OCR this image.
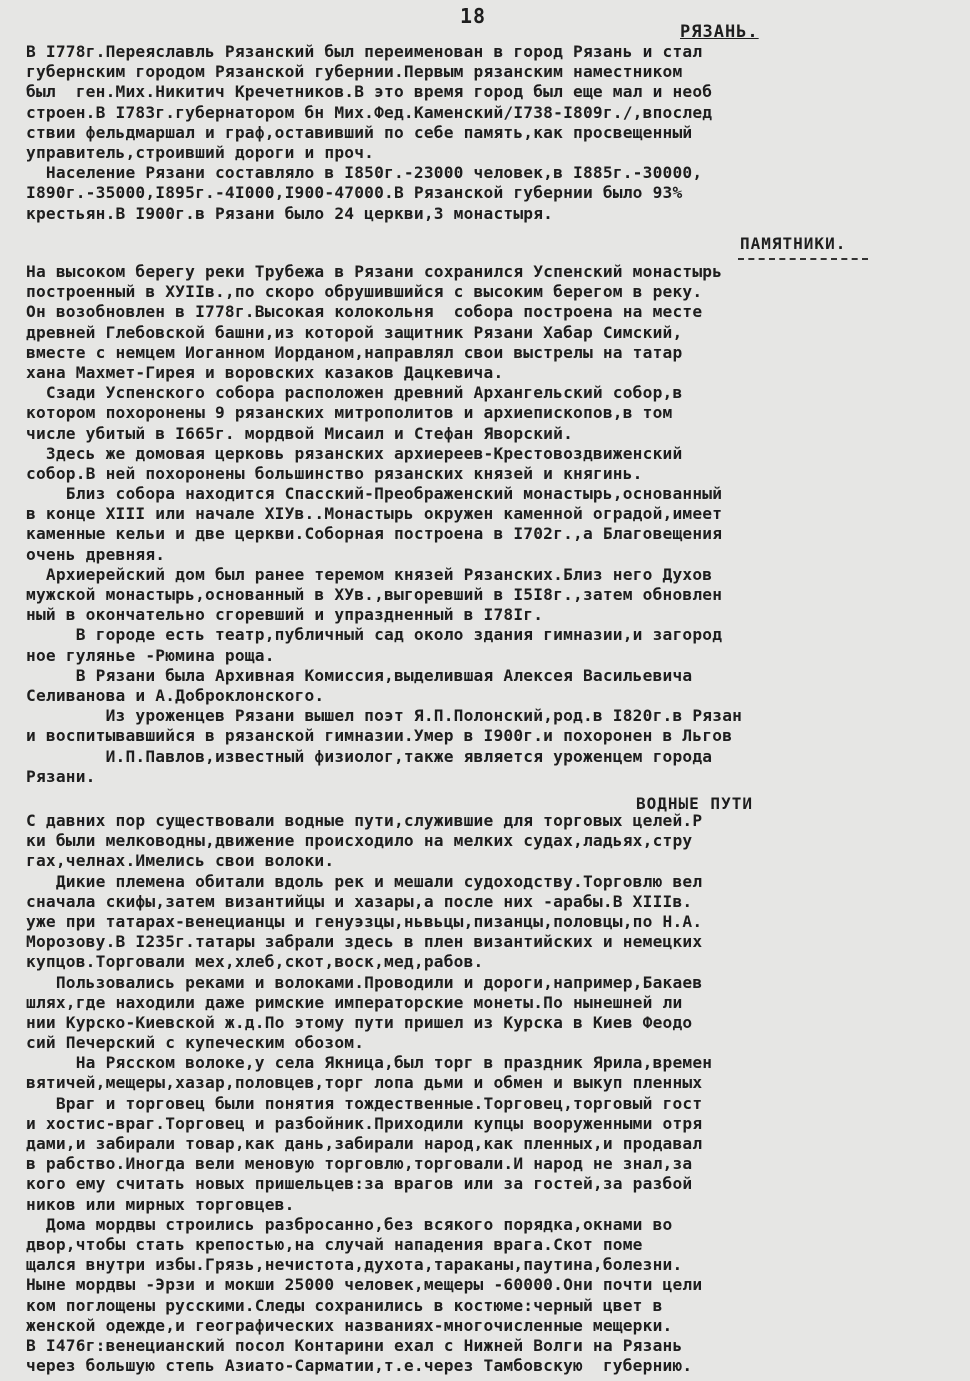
18
РЯЗАНЬ.
В I778г.Переяславль Рязанский был переименован в город Рязань и стал
губернским городом Рязанской губернии.Первым рязанским наместником
был  ген.Мих.Никитич Кречетников.В это время город был еще мал и необ
строен.В I783г.губернатором бн Мих.Фед.Каменский/I738-I809г./,впослед
ствии фельдмаршал и граф,оставивший по себе память,как просвещенный
управитель,строивший дороги и проч.
Население Рязани составляло в I850г.-23000 человек,в I885г.-30000,
I890г.-35000,I895г.-4I000,I900-47000.В Рязанской губернии было 93%
крестьян.В I900г.в Рязани было 24 церкви,3 монастыря.
ПАМЯТНИКИ.
На высоком берегу реки Трубежа в Рязани сохранился Успенский монастырь
построенный в ХУIIв.,по скоро обрушившийся с высоким берегом в реку.
Он возобновлен в I778г.Высокая колокольня  собора построена на месте
древней Глебовской башни,из которой защитник Рязани Хабар Симский,
вместе с немцем Иоганном Иорданом,направлял свои выстрелы на татар
хана Махмет-Гирея и воровских казаков Дацкевича.
Сзади Успенского собора расположен древний Архангельский собор,в
котором похоронены 9 рязанских митрополитов и архиепископов,в том
числе убитый в I665г. мордвой Мисаил и Стефан Яворский.
Здесь же домовая церковь рязанских архиереев-Крестовоздвиженский
собор.В ней похоронены большинство рязанских князей и княгинь.
Близ собора находится Спасский-Преображенский монастырь,основанный
в конце XIII или начале XIУв..Монастырь окружен каменной оградой,имеет
каменные кельи и две церкви.Соборная построена в I702г.,а Благовещения
очень древняя.
Архиерейский дом был ранее теремом князей Рязанских.Близ него Духов
мужской монастырь,основанный в ХУв.,выгоревший в I5I8г.,затем обновлен
ный в окончательно сгоревший и упраздненный в I78Iг.
В городе есть театр,публичный сад около здания гимназии,и загород
ное гулянье -Рюмина роща.
В Рязани была Архивная Комиссия,выделившая Алексея Васильевича
Селиванова и А.Доброклонского.
Из уроженцев Рязани вышел поэт Я.П.Полонский,род.в I820г.в Рязан
и воспитывавшийся в рязанской гимназии.Умер в I900г.и похоронен в Льгов
И.П.Павлов,известный физиолог,также является уроженцем города
Рязани.
ВОДНЫЕ ПУТИ
С давних пор существовали водные пути,служившие для торговых целей.Р
ки были мелководны,движение происходило на мелких судах,ладьях,стру
гах,челнах.Имелись свои волоки.
Дикие племена обитали вдоль рек и мешали судоходству.Торговлю вел
сначала скифы,затем византийцы и хазары,а после них -арабы.В XIIIв.
уже при татарах-венецианцы и генуэзцы,ньвьцы,пизанцы,половцы,по Н.А.
Морозову.В I235г.татары забрали здесь в плен византийских и немецких
купцов.Торговали мех,хлеб,скот,воск,мед,рабов.
Пользовались реками и волоками.Проводили и дороги,например,Бакаев
шлях,где находили даже римские императорские монеты.По нынешней ли
нии Курско-Киевской ж.д.По этому пути пришел из Курска в Киев Феодо
сий Печерский с купеческим обозом.
На Рясском волоке,у села Якница,был торг в праздник Ярила,времен
вятичей,мещеры,хазар,половцев,торг лопа дьми и обмен и выкуп пленных
Враг и торговец были понятия тождественные.Торговец,торговый гост
и хостис-враг.Торговец и разбойник.Приходили купцы вооруженными отря
дами,и забирали товар,как дань,забирали народ,как пленных,и продавал
в рабство.Иногда вели меновую торговлю,торговали.И народ не знал,за
кого ему считать новых пришельцев:за врагов или за гостей,за разбой
ников или мирных торговцев.
Дома мордвы строились разбросанно,без всякого порядка,окнами во
двор,чтобы стать крепостью,на случай нападения врага.Скот поме
щался внутри избы.Грязь,нечистота,духота,тараканы,паутина,болезни.
Ныне мордвы -Эрзи и мокши 25000 человек,мещеры -60000.Они почти цели
ком поглощены русскими.Следы сохранились в костюме:черный цвет в
женской одежде,и географических названиях-многочисленные мещерки.
В I476г:венецианский посол Контарини ехал с Нижней Волги на Рязань
через большую степь Азиато-Сарматии,т.е.через Тамбовскую  губернию.
